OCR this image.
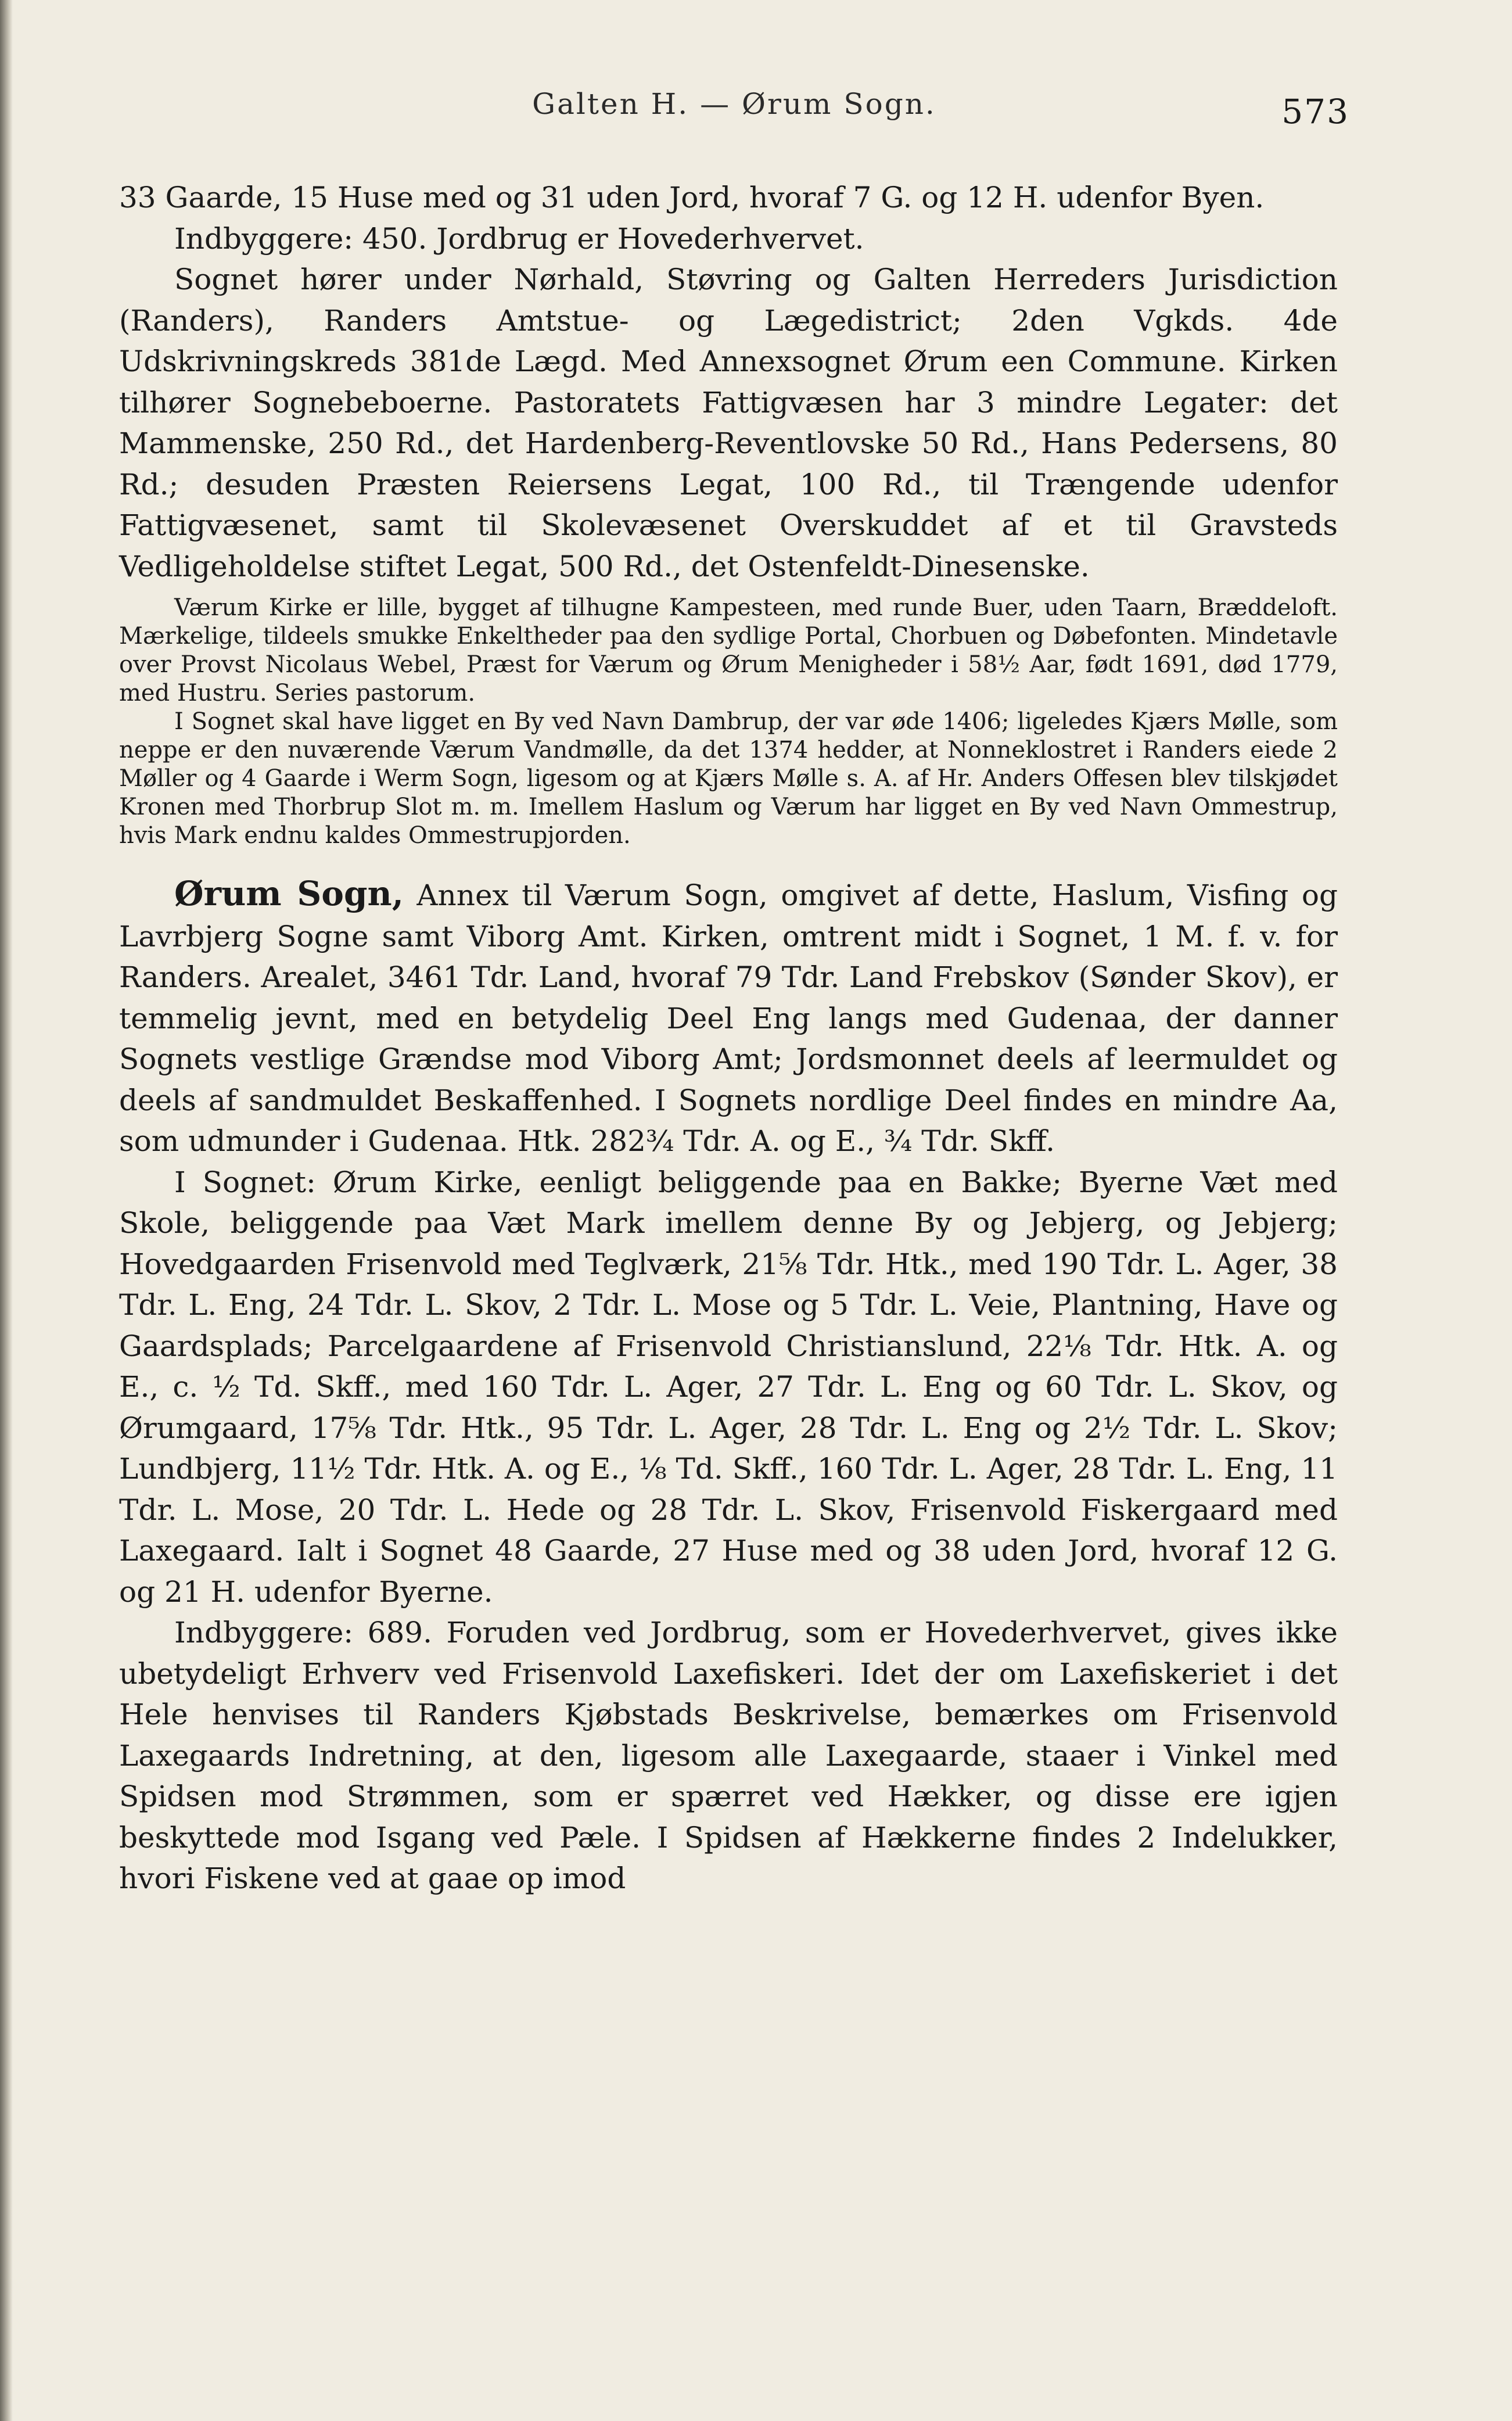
Galten H. — Ørum Sogn.	573

33 Gaarde, 15 Huse med og 31 uden Jord, hvoraf 7 G. og 12 H. udenfor Byen.

Indbyggere: 450. Jordbrug er Hovederhvervet.

Sognet hører under Nørhald, Støvring og Galten Herreders Jurisdiction (Randers), Randers Amtstue- og Lægedistrict; 2den Vgkds. 4de Udskrivningskreds 381de Lægd. Med Annexsognet Ørum een Commune. Kirken tilhører Sognebeboerne. Pastoratets Fattigvæsen har 3 mindre Legater: det Mammenske, 250 Rd., det Hardenberg-Reventlovske 50 Rd., Hans Pedersens, 80 Rd.; desuden Præsten Reiersens Legat, 100 Rd., til Trængende udenfor Fattigvæsenet, samt til Skolevæsenet Overskuddet af et til Gravsteds Vedligeholdelse stiftet Legat, 500 Rd., det Ostenfeldt-Dinesenske.

Værum Kirke er lille, bygget af tilhugne Kampesteen, med runde Buer, uden Taarn, Bræddeloft. Mærkelige, tildeels smukke Enkeltheder paa den sydlige Portal, Chorbuen og Døbefonten. Mindetavle over Provst Nicolaus Webel, Præst for Værum og Ørum Menigheder i 58½ Aar, født 1691, død 1779, med Hustru. Series pastorum.

I Sognet skal have ligget en By ved Navn Dambrup, der var øde 1406; ligeledes Kjærs Mølle, som neppe er den nuværende Værum Vandmølle, da det 1374 hedder, at Nonneklostret i Randers eiede 2 Møller og 4 Gaarde i Werm Sogn, ligesom og at Kjærs Mølle s. A. af Hr. Anders Offesen blev tilskjødet Kronen med Thorbrup Slot m. m. Imellem Haslum og Værum har ligget en By ved Navn Ommestrup, hvis Mark endnu kaldes Ommestrupjorden.

Ørum Sogn, Annex til Værum Sogn, omgivet af dette, Haslum, Visfing og Lavrbjerg Sogne samt Viborg Amt. Kirken, omtrent midt i Sognet, 1 M. f. v. for Randers. Arealet, 3461 Tdr. Land, hvoraf 79 Tdr. Land Frebskov (Sønder Skov), er temmelig jevnt, med en betydelig Deel Eng langs med Gudenaa, der danner Sognets vestlige Grændse mod Viborg Amt; Jordsmonnet deels af leermuldet og deels af sandmuldet Beskaffenhed. I Sognets nordlige Deel findes en mindre Aa, som udmunder i Gudenaa. Htk. 282¾ Tdr. A. og E., ¾ Tdr. Skff.

I Sognet: Ørum Kirke, eenligt beliggende paa en Bakke; Byerne Væt med Skole, beliggende paa Væt Mark imellem denne By og Jebjerg, og Jebjerg; Hovedgaarden Frisenvold med Teglværk, 21⅝ Tdr. Htk., med 190 Tdr. L. Ager, 38 Tdr. L. Eng, 24 Tdr. L. Skov, 2 Tdr. L. Mose og 5 Tdr. L. Veie, Plantning, Have og Gaardsplads; Parcelgaardene af Frisenvold Christianslund, 22⅛ Tdr. Htk. A. og E., c. ½ Td. Skff., med 160 Tdr. L. Ager, 27 Tdr. L. Eng og 60 Tdr. L. Skov, og Ørumgaard, 17⅝ Tdr. Htk., 95 Tdr. L. Ager, 28 Tdr. L. Eng og 2½ Tdr. L. Skov; Lundbjerg, 11½ Tdr. Htk. A. og E., ⅛ Td. Skff., 160 Tdr. L. Ager, 28 Tdr. L. Eng, 11 Tdr. L. Mose, 20 Tdr. L. Hede og 28 Tdr. L. Skov, Frisenvold Fiskergaard med Laxegaard. Ialt i Sognet 48 Gaarde, 27 Huse med og 38 uden Jord, hvoraf 12 G. og 21 H. udenfor Byerne.

Indbyggere: 689. Foruden ved Jordbrug, som er Hovederhvervet, gives ikke ubetydeligt Erhverv ved Frisenvold Laxefiskeri. Idet der om Laxefiskeriet i det Hele henvises til Randers Kjøbstads Beskrivelse, bemærkes om Frisenvold Laxegaards Indretning, at den, ligesom alle Laxegaarde, staaer i Vinkel med Spidsen mod Strømmen, som er spærret ved Hækker, og disse ere igjen beskyttede mod Isgang ved Pæle. I Spidsen af Hækkerne findes 2 Indelukker, hvori Fiskene ved at gaae op imod
